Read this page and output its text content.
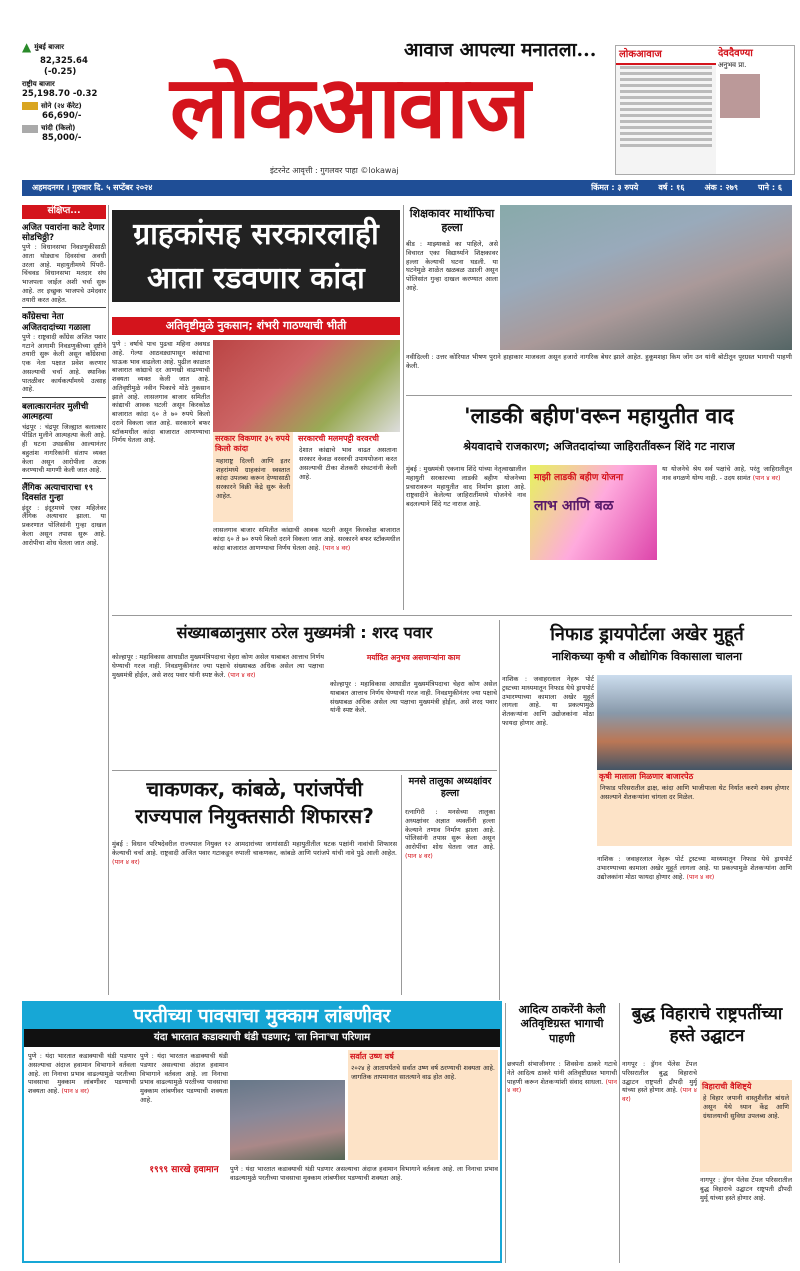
▲ मुंबई बाजार
82,325.64
(-0.25)
राष्ट्रीय बाजार
25,198.70 -0.32
सोने (२४ कॅरेट)
66,690/-
चांदी (किलो)
85,000/-
आवाज आपल्या मनातला...
लोकआवाज
इंटरनेट आवृत्ती : गुगलवर पाहा ©lokawaj
लोकआवाज	देवदैवण्या
अनुभव प्रा.
अहमदनगर । गुरुवार दि. ५ सप्टेंबर २०२४	किंमत : ३ रुपये	वर्ष : १६	अंक : २७९	पाने : ६
संक्षिप्त...
अजित पवारांना काटे देणार सोडचिठ्ठी?
पुणे : विधानसभा निवडणुकीसाठी आता थोड्याच दिवसांचा अवधी उरला आहे. महायुतीमध्ये पिंपरी-चिंचवड विधानसभा मतदार संघ भाजपला जाईल अशी चर्चा सुरू आहे. तर इच्छुक भाजपचे उमेदवार तयारी करत आहेत.
काँग्रेसचा नेता अजितदादांच्या गळाला
पुणे : राष्ट्रवादी काँग्रेस अजित पवार गटाने आगामी निवडणुकीच्या दृष्टीने तयारी सुरू केली असून काँग्रेसचा एक नेता पक्षात प्रवेश करणार असल्याची चर्चा आहे. स्थानिक पातळीवर कार्यकर्त्यांमध्ये उत्साह आहे.
बलात्कारानंतर मुलीची आत्महत्या
चंद्रपूर : चंद्रपूर जिल्ह्यात बलात्कार पीडित मुलीने आत्महत्या केली आहे. ही घटना उघडकीस आल्यानंतर बहुतांश नागरिकांनी संताप व्यक्त केला असून आरोपीला अटक करण्याची मागणी केली जात आहे.
लैंगिक अत्याचाराचा १९ दिवसांत गुन्हा
इंदूर : इंदूरमध्ये एका महिलेवर लैंगिक अत्याचार झाला. या प्रकरणात पोलिसांनी गुन्हा दाखल केला असून तपास सुरू आहे. आरोपीचा शोध घेतला जात आहे.
ग्राहकांसह सरकारलाही आता रडवणार कांदा
अतिवृष्टीमुळे नुकसान; शंभरी गाठण्याची भीती
पुणे : वर्षाचे पाच पुढचा महिना अवघड आहे. गेल्या आठवड्यापासून कांद्याचा घाऊक भाव वाढलेला आहे. पुढील काळात बाजारात कांद्याचे दर आणखी वाढण्याची शक्यता व्यक्त केली जात आहे. अतिवृष्टीमुळे नवीन पिकाचे मोठे नुकसान झाले आहे. लासलगाव बाजार समितीत कांद्याची आवक घटली असून किरकोळ बाजारात कांदा ६० ते ७० रुपये किलो दराने विकला जात आहे. सरकारने बफर स्टॉकमधील कांदा बाजारात आणण्याचा निर्णय घेतला आहे.	सरकार विकणार ३५ रुपये किलो कांदा
महाराष्ट्र दिल्ली आणि इतर शहरांमध्ये ग्राहकांना स्वस्तात कांदा उपलब्ध करून देण्यासाठी सरकारने विक्री केंद्रे सुरू केली आहेत.
सरकारची मलमपट्टी वरवरची
देशात कांद्याचे भाव वाढत असताना सरकार केवळ वरवरची उपाययोजना करत असल्याची टीका शेतकरी संघटनांनी केली आहे.
लासलगाव बाजार समितीत कांद्याची आवक घटली असून किरकोळ बाजारात कांदा ६० ते ७० रुपये किलो दराने विकला जात आहे. सरकारने बफर स्टॉकमधील कांदा बाजारात आणण्याचा निर्णय घेतला आहे. (पान ४ वर)
शिक्षकावर मार्थोफिचा हल्ला
बीड : माझ्याकडे का पाहिले, असे विचारत एका विद्यार्थ्याने शिक्षकावर हल्ला केल्याची घटना घडली. या घटनेमुळे शाळेत खळबळ उडाली असून पोलिसांत गुन्हा दाखल करण्यात आला आहे.
नवीदिल्ली : उत्तर कोरियात भीषण पुराने हाहाकार माजवला असून हजारो नागरिक बेघर झाले आहेत. हुकूमशहा किम जोंग उन यांनी बोटीतून पूरग्रस्त भागाची पाहणी केली.
'लाडकी बहीण'वरून महायुतीत वाद
श्रेयवादाचे राजकारण; अजितदादांच्या जाहिरातींवरून शिंदे गट नाराज
मुंबई : मुख्यमंत्री एकनाथ शिंदे यांच्या नेतृत्वाखालील महायुती सरकारच्या लाडकी बहीण योजनेच्या प्रचारावरून महायुतीत वाद निर्माण झाला आहे. राष्ट्रवादीने केलेल्या जाहिरातींमध्ये योजनेचे नाव बदलल्याने शिंदे गट नाराज आहे.
माझी लाडकी बहीण योजना
लाभ आणि बळ
या योजनेचे श्रेय सर्व पक्षांचे आहे, परंतु जाहिरातीतून नाव वगळणे योग्य नाही. - उदय सामंत (पान ४ वर)
संख्याबळानुसार ठरेल मुख्यमंत्री : शरद पवार
मर्यादित अनुभव असणाऱ्यांना काम
कोल्हापूर : महाविकास आघाडीत मुख्यमंत्रिपदाचा चेहरा कोण असेल याबाबत आत्ताच निर्णय घेण्याची गरज नाही. निवडणुकीनंतर ज्या पक्षाचे संख्याबळ अधिक असेल त्या पक्षाचा मुख्यमंत्री होईल, असे शरद पवार यांनी स्पष्ट केले. (पान ४ वर)
कोल्हापूर : महाविकास आघाडीत मुख्यमंत्रिपदाचा चेहरा कोण असेल याबाबत आत्ताच निर्णय घेण्याची गरज नाही. निवडणुकीनंतर ज्या पक्षाचे संख्याबळ अधिक असेल त्या पक्षाचा मुख्यमंत्री होईल, असे शरद पवार यांनी स्पष्ट केले.
निफाड ड्रायपोर्टला अखेर मुहूर्त
नाशिकच्या कृषी व औद्योगिक विकासाला चालना
नाशिक : जवाहरलाल नेहरू पोर्ट ट्रस्टच्या माध्यमातून निफाड येथे ड्रायपोर्ट उभारण्याच्या कामाला अखेर मुहूर्त लागला आहे. या प्रकल्पामुळे शेतकऱ्यांना आणि उद्योजकांना मोठा फायदा होणार आहे.
कृषी मालाला मिळणार बाजारपेठ
निफाड परिसरातील द्राक्ष, कांदा आणि भाजीपाला थेट निर्यात करणे शक्य होणार असल्याने शेतकऱ्यांना चांगला दर मिळेल.
नाशिक : जवाहरलाल नेहरू पोर्ट ट्रस्टच्या माध्यमातून निफाड येथे ड्रायपोर्ट उभारण्याच्या कामाला अखेर मुहूर्त लागला आहे. या प्रकल्पामुळे शेतकऱ्यांना आणि उद्योजकांना मोठा फायदा होणार आहे. (पान ४ वर)
चाकणकर, कांबळे, परांजपेंची राज्यपाल नियुक्तसाठी शिफारस?
मुंबई : विधान परिषदेवरील राज्यपाल नियुक्त १२ आमदारांच्या जागांसाठी महायुतीतील घटक पक्षांनी नावांची शिफारस केल्याची चर्चा आहे. राष्ट्रवादी अजित पवार गटाकडून रुपाली चाकणकर, कांबळे आणि परांजपे यांची नावे पुढे आली आहेत. (पान ४ वर)
मनसे तालुका अध्यक्षांवर हल्ला
रत्नागिरी : मनसेच्या तालुका अध्यक्षांवर अज्ञात व्यक्तींनी हल्ला केल्याने तणाव निर्माण झाला आहे. पोलिसांनी तपास सुरू केला असून आरोपींचा शोध घेतला जात आहे. (पान ४ वर)
परतीच्या पावसाचा मुक्काम लांबणीवर
यंदा भारतात कडाक्याची थंडी पडणार; 'ला निना'चा परिणाम
पुणे : यंदा भारतात कडाक्याची थंडी पडणार असल्याचा अंदाज हवामान विभागाने वर्तवला आहे. ला निनाचा प्रभाव वाढल्यामुळे परतीच्या पावसाचा मुक्काम लांबणीवर पडण्याची शक्यता आहे. (पान ४ वर)
पुणे : यंदा भारतात कडाक्याची थंडी पडणार असल्याचा अंदाज हवामान विभागाने वर्तवला आहे. ला निनाचा प्रभाव वाढल्यामुळे परतीच्या पावसाचा मुक्काम लांबणीवर पडण्याची शक्यता आहे.
१९९९ सारखे हवामान
सर्वात उष्ण वर्ष
२०२४ हे आतापर्यंतचे सर्वात उष्ण वर्ष ठरण्याची शक्यता आहे. जागतिक तापमानात सातत्याने वाढ होत आहे.
पुणे : यंदा भारतात कडाक्याची थंडी पडणार असल्याचा अंदाज हवामान विभागाने वर्तवला आहे. ला निनाचा प्रभाव वाढल्यामुळे परतीच्या पावसाचा मुक्काम लांबणीवर पडण्याची शक्यता आहे.
आदित्य ठाकरेंनी केली अतिवृष्टिग्रस्त भागाची पाहणी
छत्रपती संभाजीनगर : शिवसेना ठाकरे गटाचे नेते आदित्य ठाकरे यांनी अतिवृष्टीग्रस्त भागाची पाहणी करून शेतकऱ्यांशी संवाद साधला. (पान ४ वर)
बुद्ध विहाराचे राष्ट्रपतींच्या हस्ते उद्घाटन
नागपूर : ड्रॅगन पॅलेस टेंपल परिसरातील बुद्ध विहाराचे उद्घाटन राष्ट्रपती द्रौपदी मुर्मू यांच्या हस्ते होणार आहे. (पान ४ वर)
विहाराची वैशिष्ट्ये
हे विहार जपानी वास्तुशैलीत बांधले असून येथे ध्यान केंद्र आणि ग्रंथालयाची सुविधा उपलब्ध आहे.
नागपूर : ड्रॅगन पॅलेस टेंपल परिसरातील बुद्ध विहाराचे उद्घाटन राष्ट्रपती द्रौपदी मुर्मू यांच्या हस्ते होणार आहे.
